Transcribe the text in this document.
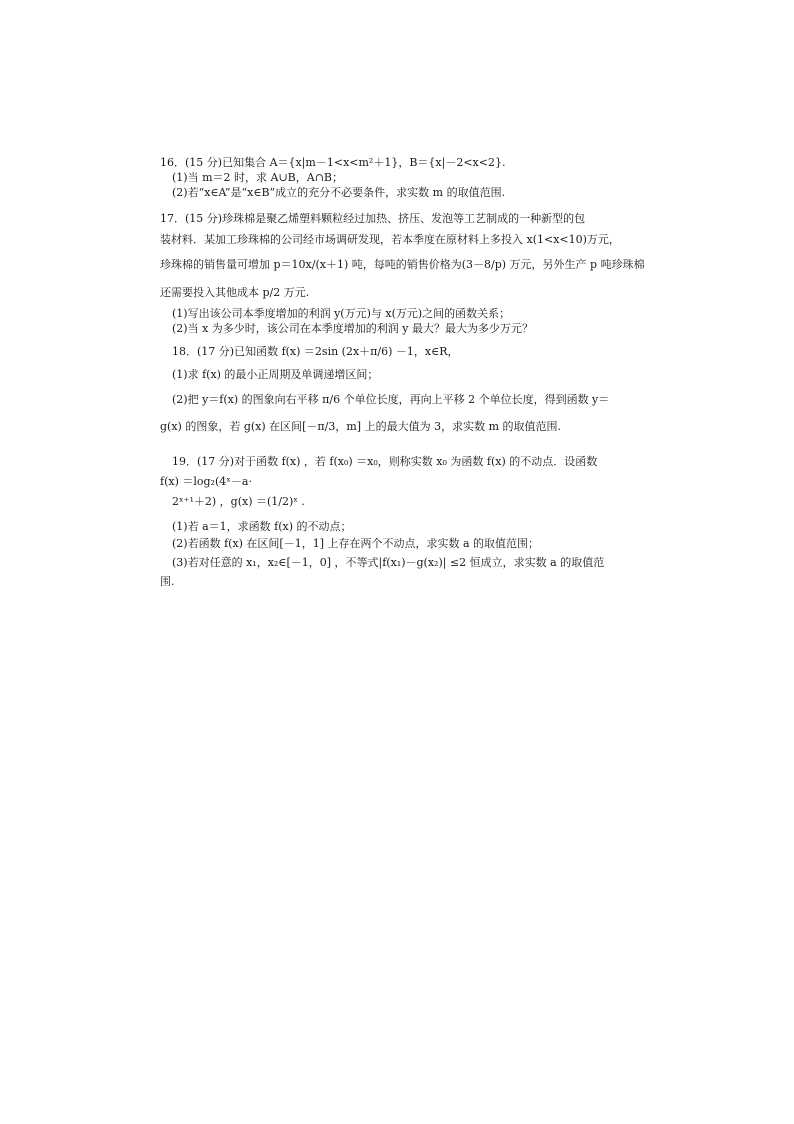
16．(15 分)已知集合 A＝{x|m－1<x<m²＋1}，B＝{x|－2<x<2}.
(1)当 m＝2 时，求 A∪B，A∩B；
(2)若“x∈A”是“x∈B”成立的充分不必要条件，求实数 m 的取值范围.
17．(15 分)珍珠棉是聚乙烯塑料颗粒经过加热、挤压、发泡等工艺制成的一种新型的包
装材料．某加工珍珠棉的公司经市场调研发现，若本季度在原材料上多投入 x(1<x<10)万元，
珍珠棉的销售量可增加 p＝10x/(x＋1) 吨，每吨的销售价格为(3－8/p) 万元，另外生产 p 吨珍珠棉
还需要投入其他成本 p/2 万元.
(1)写出该公司本季度增加的利润 y(万元)与 x(万元)之间的函数关系；
(2)当 x 为多少时，该公司在本季度增加的利润 y 最大？最大为多少万元？
18．(17 分)已知函数 f(x) ＝2sin (2x＋π/6) －1，x∈R，
(1)求 f(x) 的最小正周期及单调递增区间；
(2)把 y＝f(x) 的图象向右平移 π/6 个单位长度，再向上平移 2 个单位长度，得到函数 y＝
g(x) 的图象，若 g(x) 在区间[－π/3，m] 上的最大值为 3，求实数 m 的取值范围.
19．(17 分)对于函数 f(x) ，若 f(x₀) ＝x₀，则称实数 x₀ 为函数 f(x) 的不动点．设函数
f(x) ＝log₂(4ˣ－a·
2ˣ⁺¹＋2) ，g(x) ＝(1/2)ˣ .
(1)若 a＝1，求函数 f(x) 的不动点；
(2)若函数 f(x) 在区间[－1，1] 上存在两个不动点，求实数 a 的取值范围；
(3)若对任意的 x₁，x₂∈[－1，0] ，不等式|f(x₁)－g(x₂)| ≤2 恒成立，求实数 a 的取值范
围.
